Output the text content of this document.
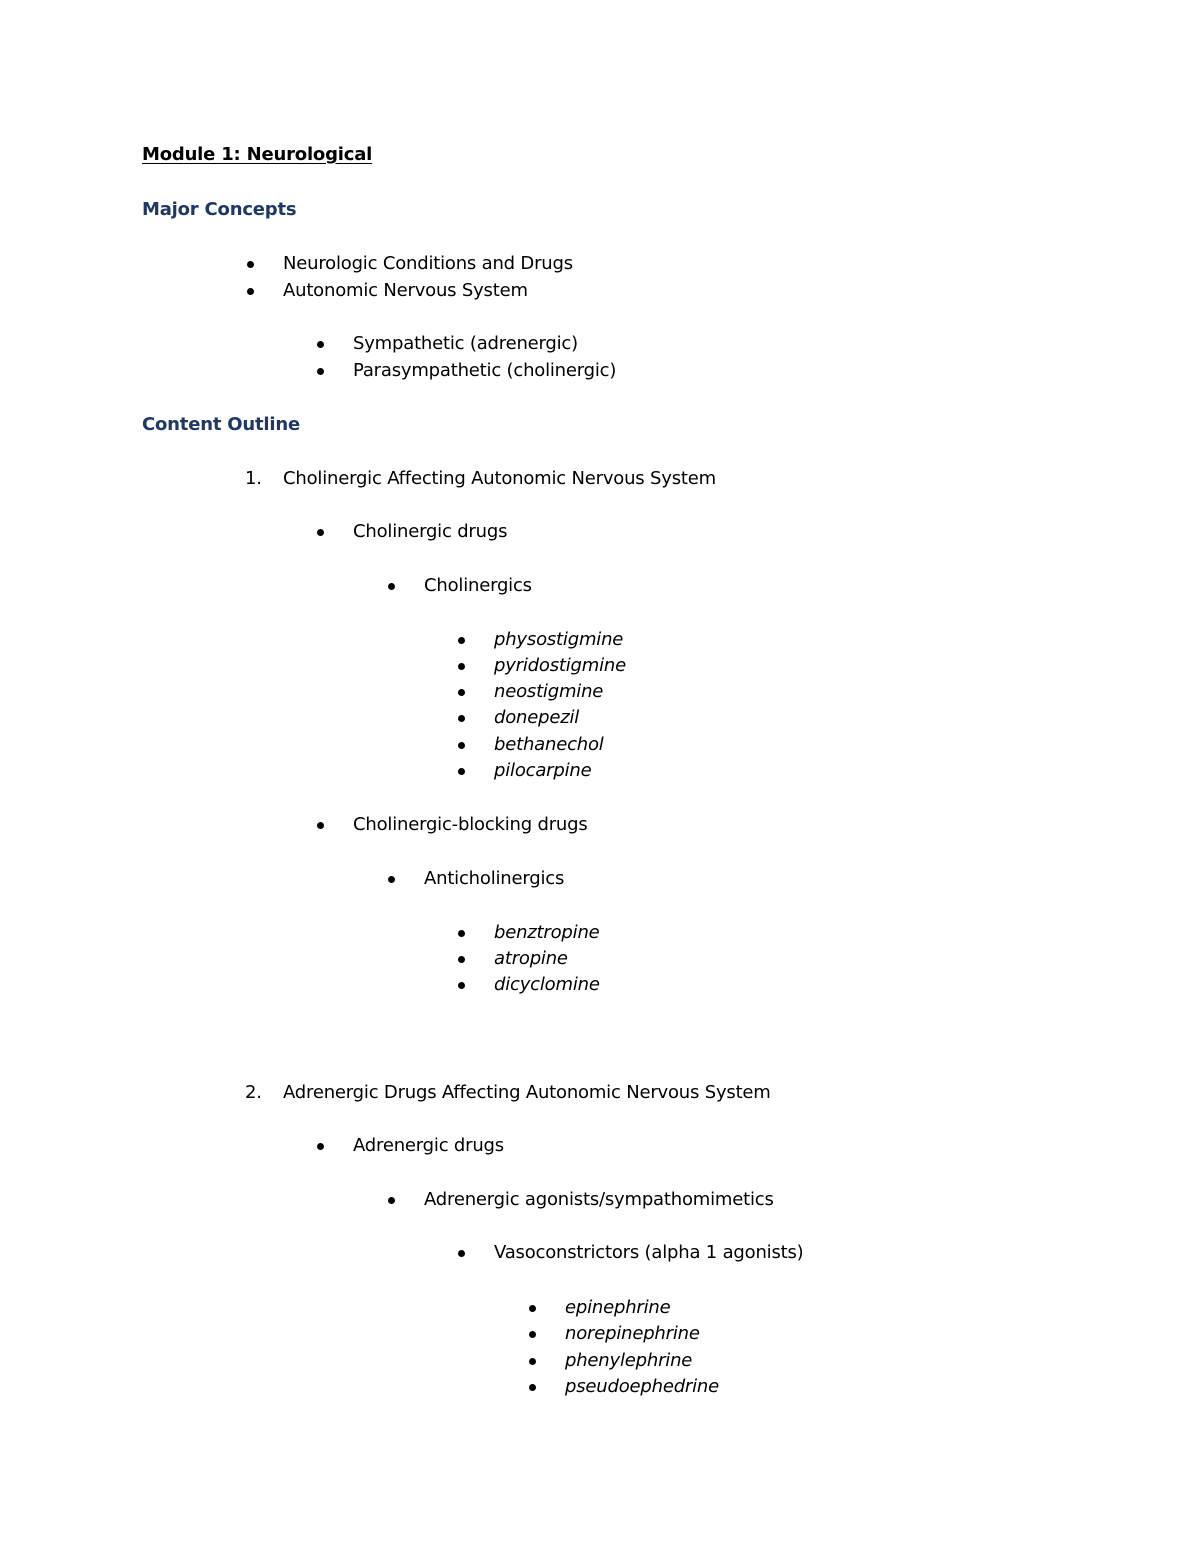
Module 1: Neurological
Major Concepts
Neurologic Conditions and Drugs
Autonomic Nervous System
Sympathetic (adrenergic)
Parasympathetic (cholinergic)
Content Outline
1. Cholinergic Affecting Autonomic Nervous System
Cholinergic drugs
Cholinergics
physostigmine
pyridostigmine
neostigmine
donepezil
bethanechol
pilocarpine
Cholinergic-blocking drugs
Anticholinergics
benztropine
atropine
dicyclomine
2. Adrenergic Drugs Affecting Autonomic Nervous System
Adrenergic drugs
Adrenergic agonists/sympathomimetics
Vasoconstrictors (alpha 1 agonists)
epinephrine
norepinephrine
phenylephrine
pseudoephedrine
